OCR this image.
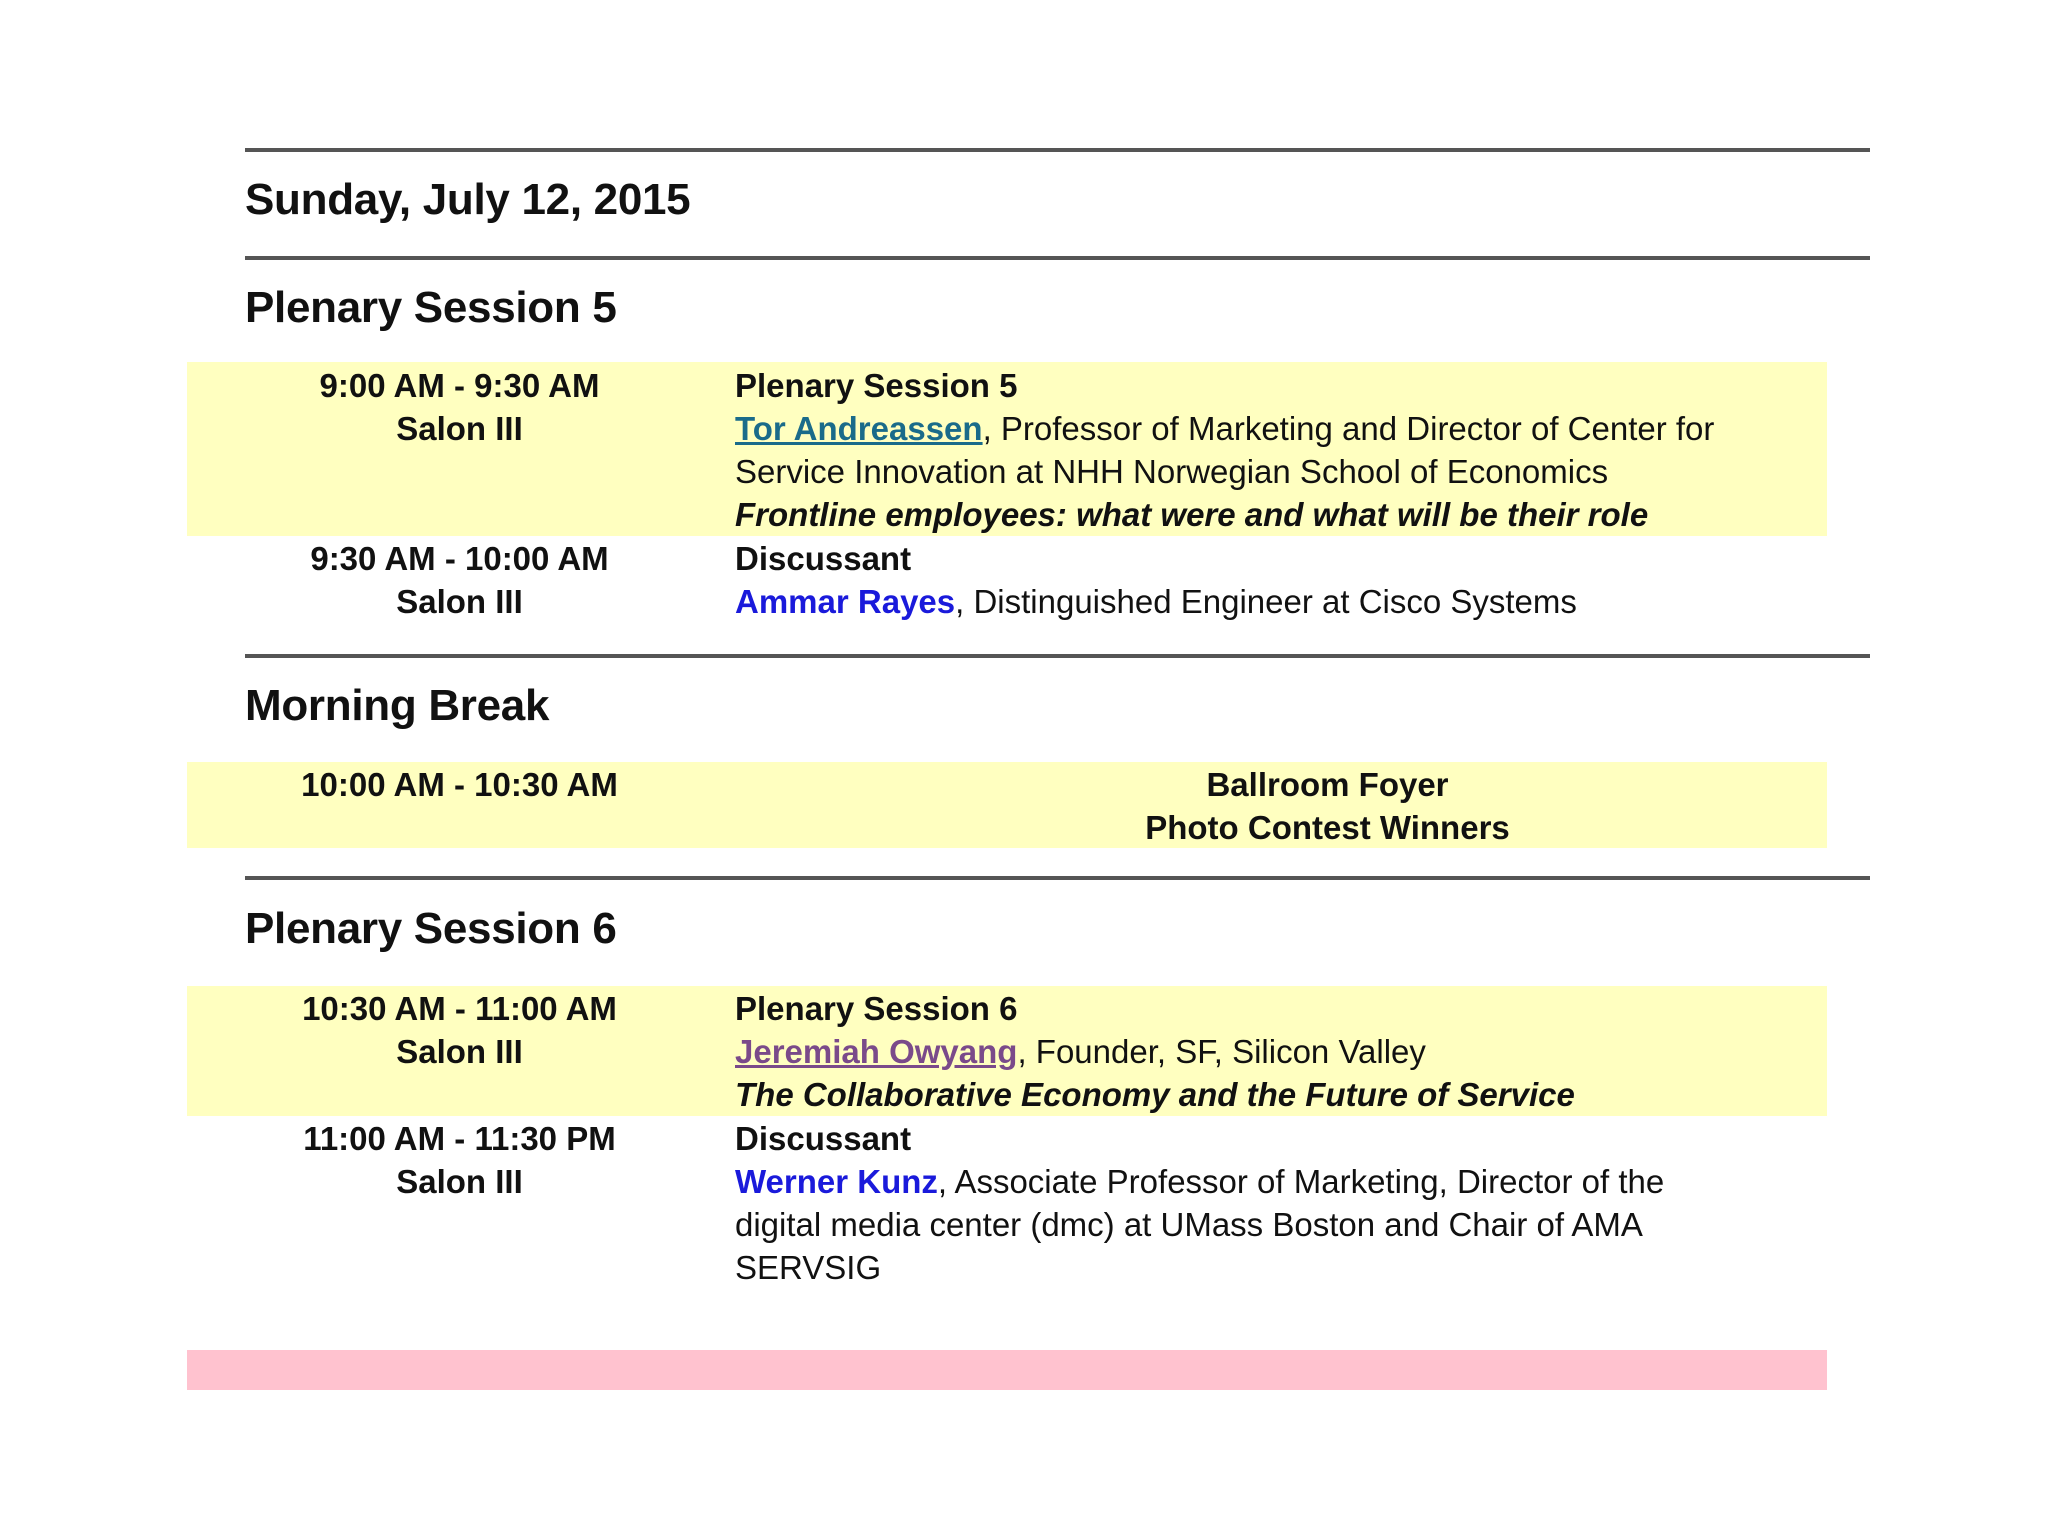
Sunday, July 12, 2015
Plenary Session 5
9:00 AM - 9:30 AM
Salon III
Plenary Session 5
Tor Andreassen, Professor of Marketing and Director of Center for
Service Innovation at NHH Norwegian School of Economics
Frontline employees: what were and what will be their role
9:30 AM - 10:00 AM
Salon III
Discussant
Ammar Rayes, Distinguished Engineer at Cisco Systems
Morning Break
10:00 AM - 10:30 AM	Ballroom Foyer
Photo Contest Winners
Plenary Session 6
10:30 AM - 11:00 AM
Salon III
Plenary Session 6
Jeremiah Owyang, Founder, SF, Silicon Valley
The Collaborative Economy and the Future of Service
11:00 AM - 11:30 PM
Salon III
Discussant
Werner Kunz, Associate Professor of Marketing, Director of the
digital media center (dmc) at UMass Boston and Chair of AMA
SERVSIG
